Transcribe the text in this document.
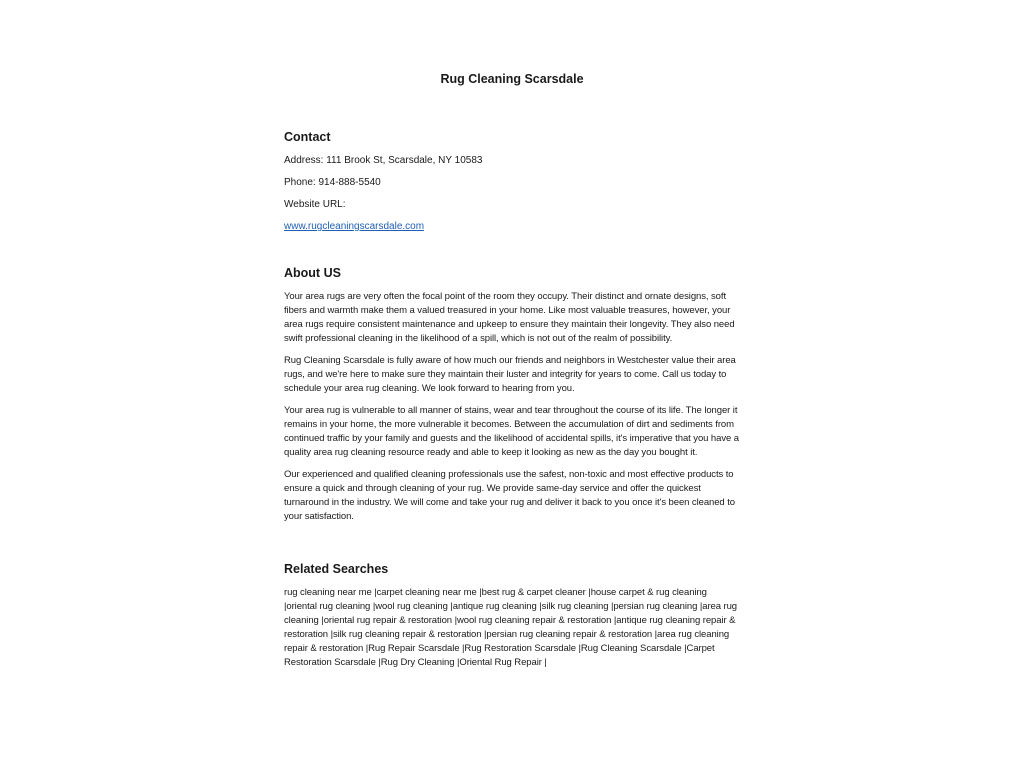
Rug Cleaning Scarsdale
Contact

Address: 111 Brook St, Scarsdale, NY 10583

Phone: 914-888-5540

Website URL:

www.rugcleaningscarsdale.com

About US

Your area rugs are very often the focal point of the room they occupy. Their distinct and ornate designs, soft fibers and warmth make them a valued treasured in your home. Like most valuable treasures, however, your area rugs require consistent maintenance and upkeep to ensure they maintain their longevity. They also need swift professional cleaning in the likelihood of a spill, which is not out of the realm of possibility.

Rug Cleaning Scarsdale is fully aware of how much our friends and neighbors in Westchester value their area rugs, and we're here to make sure they maintain their luster and integrity for years to come. Call us today to schedule your area rug cleaning. We look forward to hearing from you.

Your area rug is vulnerable to all manner of stains, wear and tear throughout the course of its life. The longer it remains in your home, the more vulnerable it becomes. Between the accumulation of dirt and sediments from continued traffic by your family and guests and the likelihood of accidental spills, it's imperative that you have a quality area rug cleaning resource ready and able to keep it looking as new as the day you bought it.

Our experienced and qualified cleaning professionals use the safest, non-toxic and most effective products to ensure a quick and through cleaning of your rug. We provide same-day service and offer the quickest turnaround in the industry. We will come and take your rug and deliver it back to you once it's been cleaned to your satisfaction.

Related Searches

rug cleaning near me |carpet cleaning near me |best rug & carpet cleaner |house carpet & rug cleaning |oriental rug cleaning |wool rug cleaning |antique rug cleaning |silk rug cleaning |persian rug cleaning |area rug cleaning |oriental rug repair & restoration |wool rug cleaning repair & restoration |antique rug cleaning repair & restoration |silk rug cleaning repair & restoration |persian rug cleaning repair & restoration |area rug cleaning repair & restoration |Rug Repair Scarsdale |Rug Restoration Scarsdale |Rug Cleaning Scarsdale |Carpet Restoration Scarsdale |Rug Dry Cleaning |Oriental Rug Repair |
